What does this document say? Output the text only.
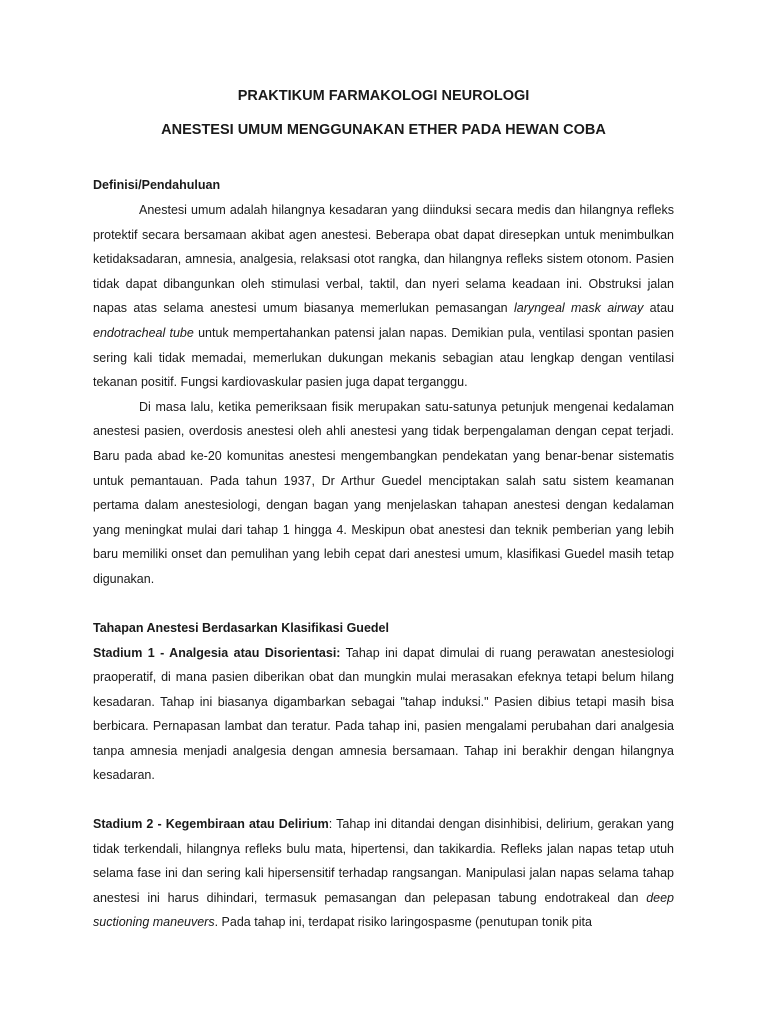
PRAKTIKUM FARMAKOLOGI NEUROLOGI
ANESTESI UMUM MENGGUNAKAN ETHER PADA HEWAN COBA
Definisi/Pendahuluan

Anestesi umum adalah hilangnya kesadaran yang diinduksi secara medis dan hilangnya refleks protektif secara bersamaan akibat agen anestesi. Beberapa obat dapat diresepkan untuk menimbulkan ketidaksadaran, amnesia, analgesia, relaksasi otot rangka, dan hilangnya refleks sistem otonom. Pasien tidak dapat dibangunkan oleh stimulasi verbal, taktil, dan nyeri selama keadaan ini. Obstruksi jalan napas atas selama anestesi umum biasanya memerlukan pemasangan laryngeal mask airway atau endotracheal tube untuk mempertahankan patensi jalan napas. Demikian pula, ventilasi spontan pasien sering kali tidak memadai, memerlukan dukungan mekanis sebagian atau lengkap dengan ventilasi tekanan positif. Fungsi kardiovaskular pasien juga dapat terganggu.

Di masa lalu, ketika pemeriksaan fisik merupakan satu-satunya petunjuk mengenai kedalaman anestesi pasien, overdosis anestesi oleh ahli anestesi yang tidak berpengalaman dengan cepat terjadi. Baru pada abad ke-20 komunitas anestesi mengembangkan pendekatan yang benar-benar sistematis untuk pemantauan. Pada tahun 1937, Dr Arthur Guedel menciptakan salah satu sistem keamanan pertama dalam anestesiologi, dengan bagan yang menjelaskan tahapan anestesi dengan kedalaman yang meningkat mulai dari tahap 1 hingga 4. Meskipun obat anestesi dan teknik pemberian yang lebih baru memiliki onset dan pemulihan yang lebih cepat dari anestesi umum, klasifikasi Guedel masih tetap digunakan.

Tahapan Anestesi Berdasarkan Klasifikasi Guedel

Stadium 1 - Analgesia atau Disorientasi: Tahap ini dapat dimulai di ruang perawatan anestesiologi praoperatif, di mana pasien diberikan obat dan mungkin mulai merasakan efeknya tetapi belum hilang kesadaran. Tahap ini biasanya digambarkan sebagai "tahap induksi." Pasien dibius tetapi masih bisa berbicara. Pernapasan lambat dan teratur. Pada tahap ini, pasien mengalami perubahan dari analgesia tanpa amnesia menjadi analgesia dengan amnesia bersamaan. Tahap ini berakhir dengan hilangnya kesadaran.

Stadium 2 - Kegembiraan atau Delirium: Tahap ini ditandai dengan disinhibisi, delirium, gerakan yang tidak terkendali, hilangnya refleks bulu mata, hipertensi, dan takikardia. Refleks jalan napas tetap utuh selama fase ini dan sering kali hipersensitif terhadap rangsangan. Manipulasi jalan napas selama tahap anestesi ini harus dihindari, termasuk pemasangan dan pelepasan tabung endotrakeal dan deep suctioning maneuvers. Pada tahap ini, terdapat risiko laringospasme (penutupan tonik pita
